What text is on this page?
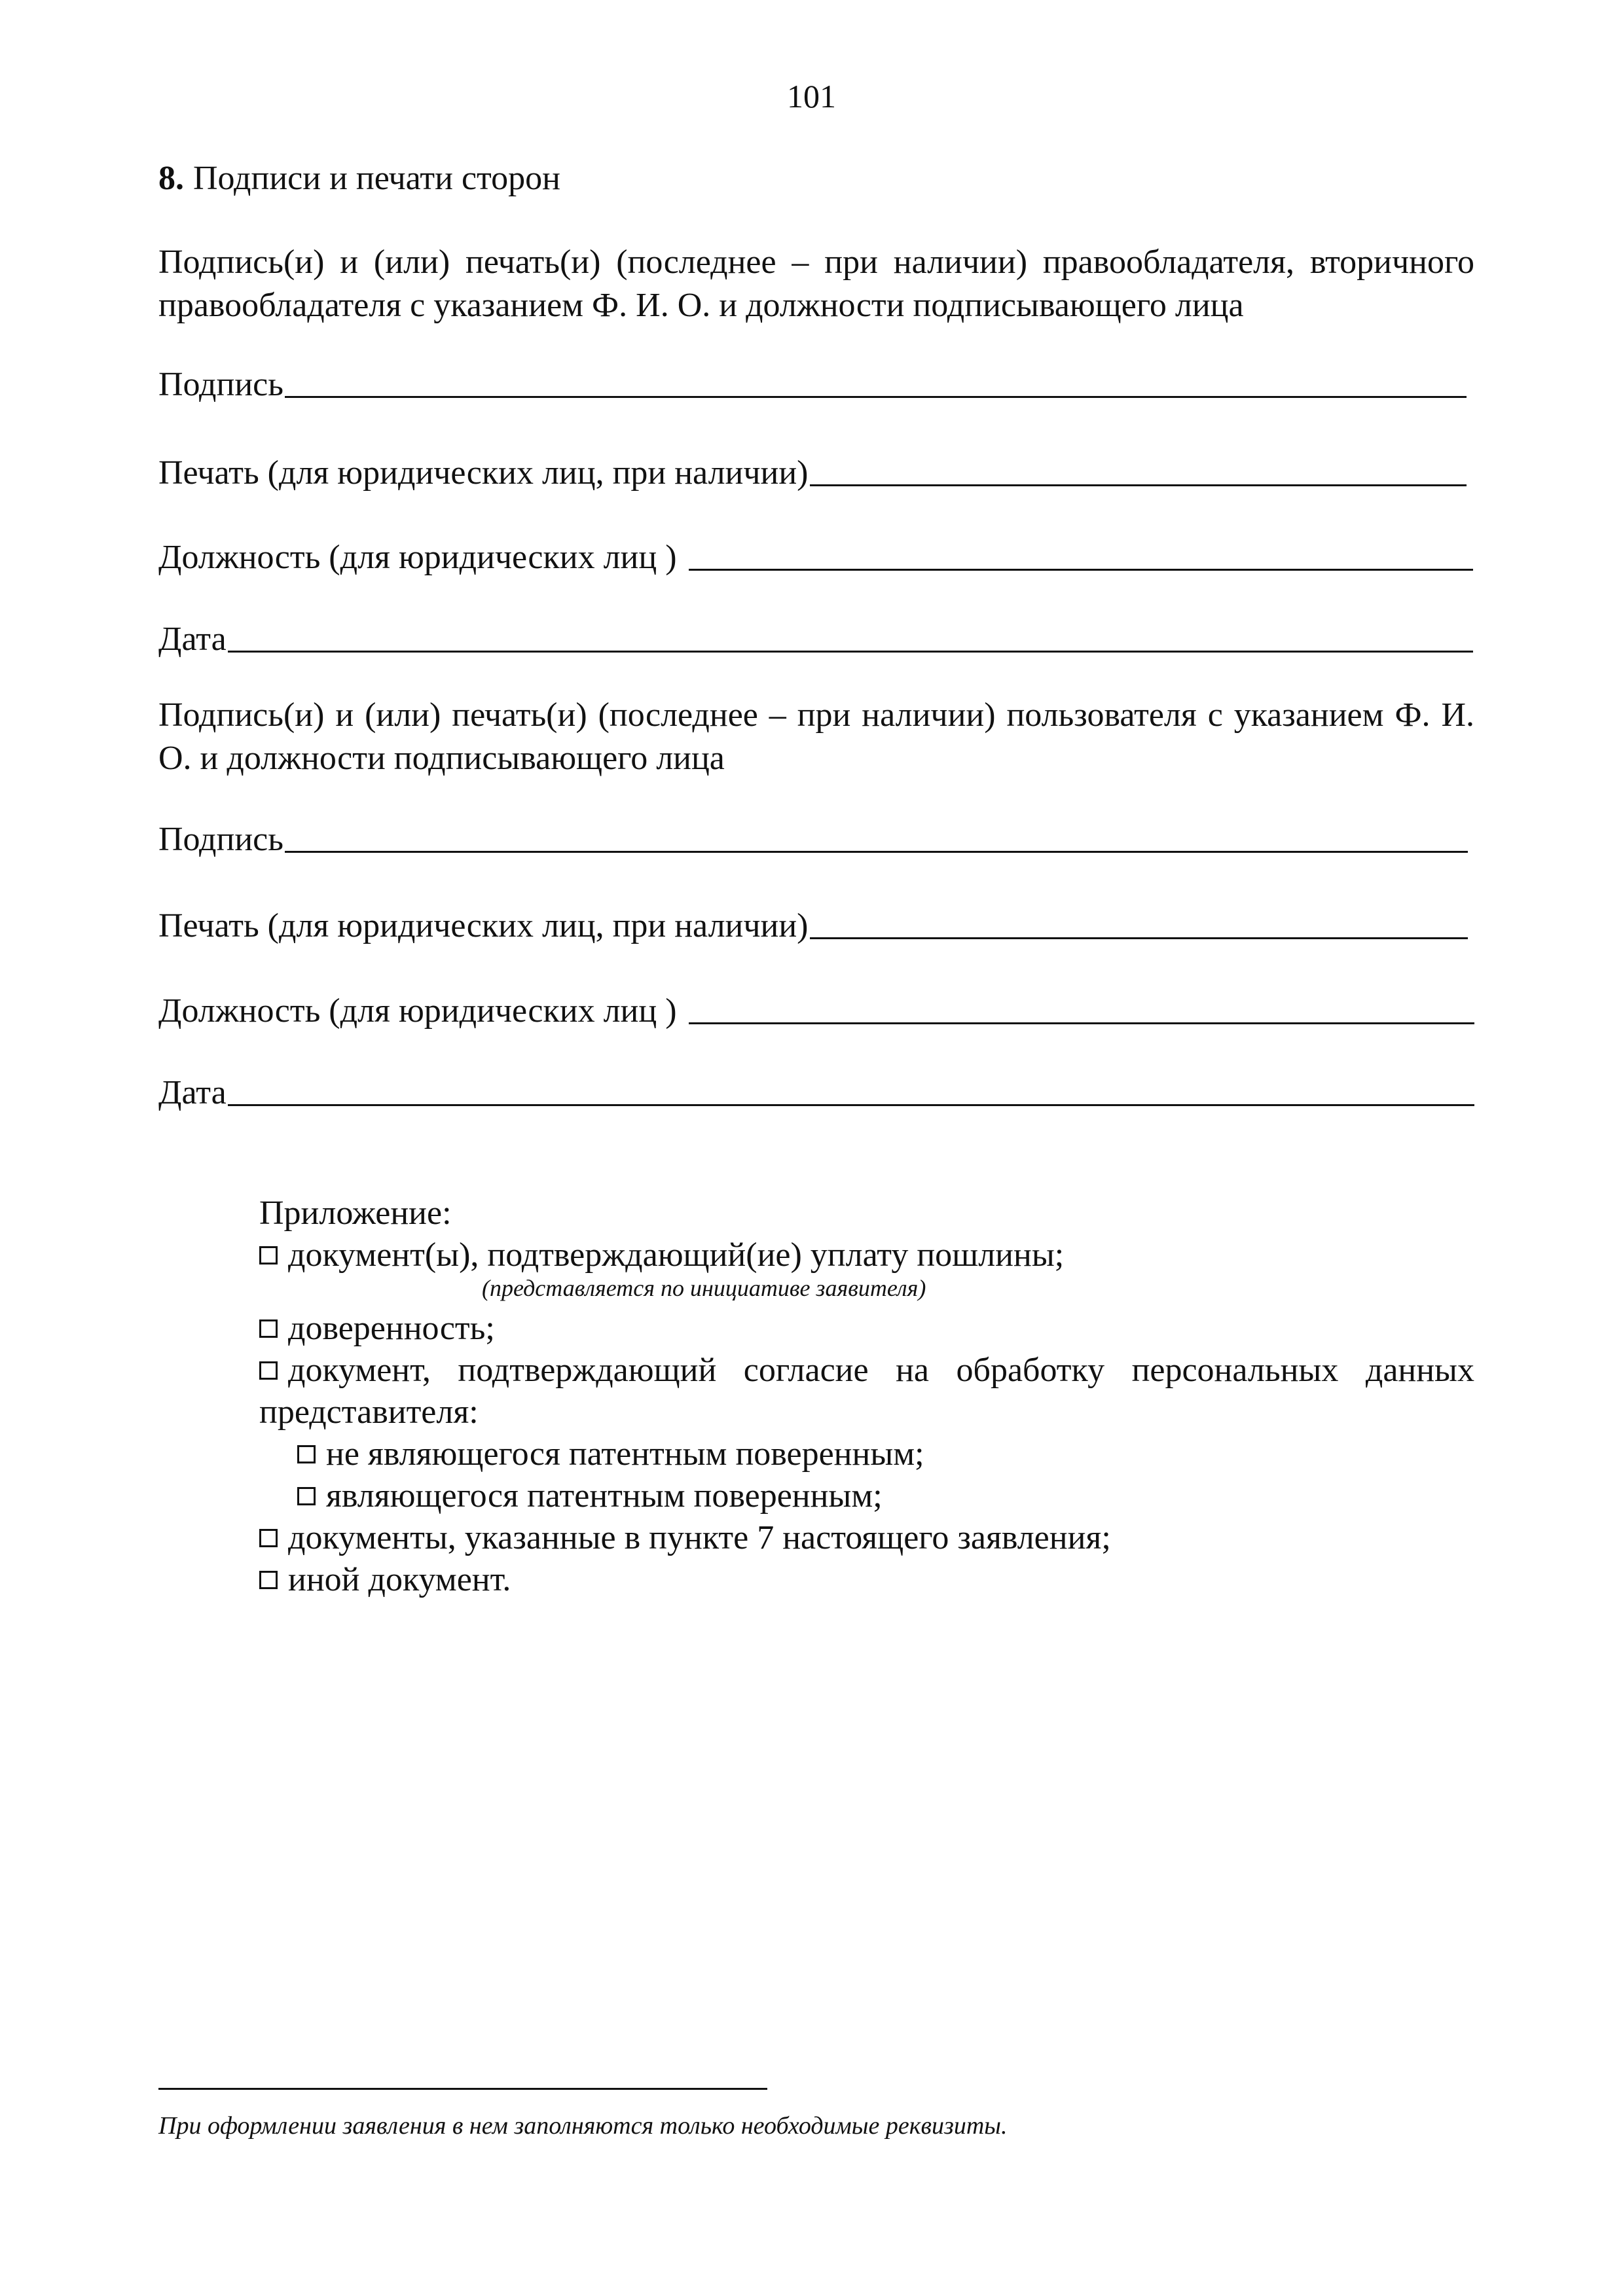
101
8. Подписи и печати сторон
Подпись(и) и (или) печать(и) (последнее – при наличии) правообладателя, вторичного правообладателя с указанием Ф. И. О. и должности подписывающего лица
Подпись
Печать (для юридических лиц, при наличии)
Должность (для юридических лиц )
Дата
Подпись(и) и (или) печать(и) (последнее – при наличии) пользователя с указанием Ф. И. О. и должности подписывающего лица
Подпись
Печать (для юридических лиц, при наличии)
Должность (для юридических лиц )
Дата
Приложение:
документ(ы), подтверждающий(ие) уплату пошлины;
(представляется по инициативе заявителя)
доверенность;
документ, подтверждающий согласие на обработку персональных данных представителя:
не являющегося патентным поверенным;
являющегося патентным поверенным;
документы, указанные в пункте 7 настоящего заявления;
иной документ.
При оформлении заявления в нем заполняются только необходимые реквизиты.
